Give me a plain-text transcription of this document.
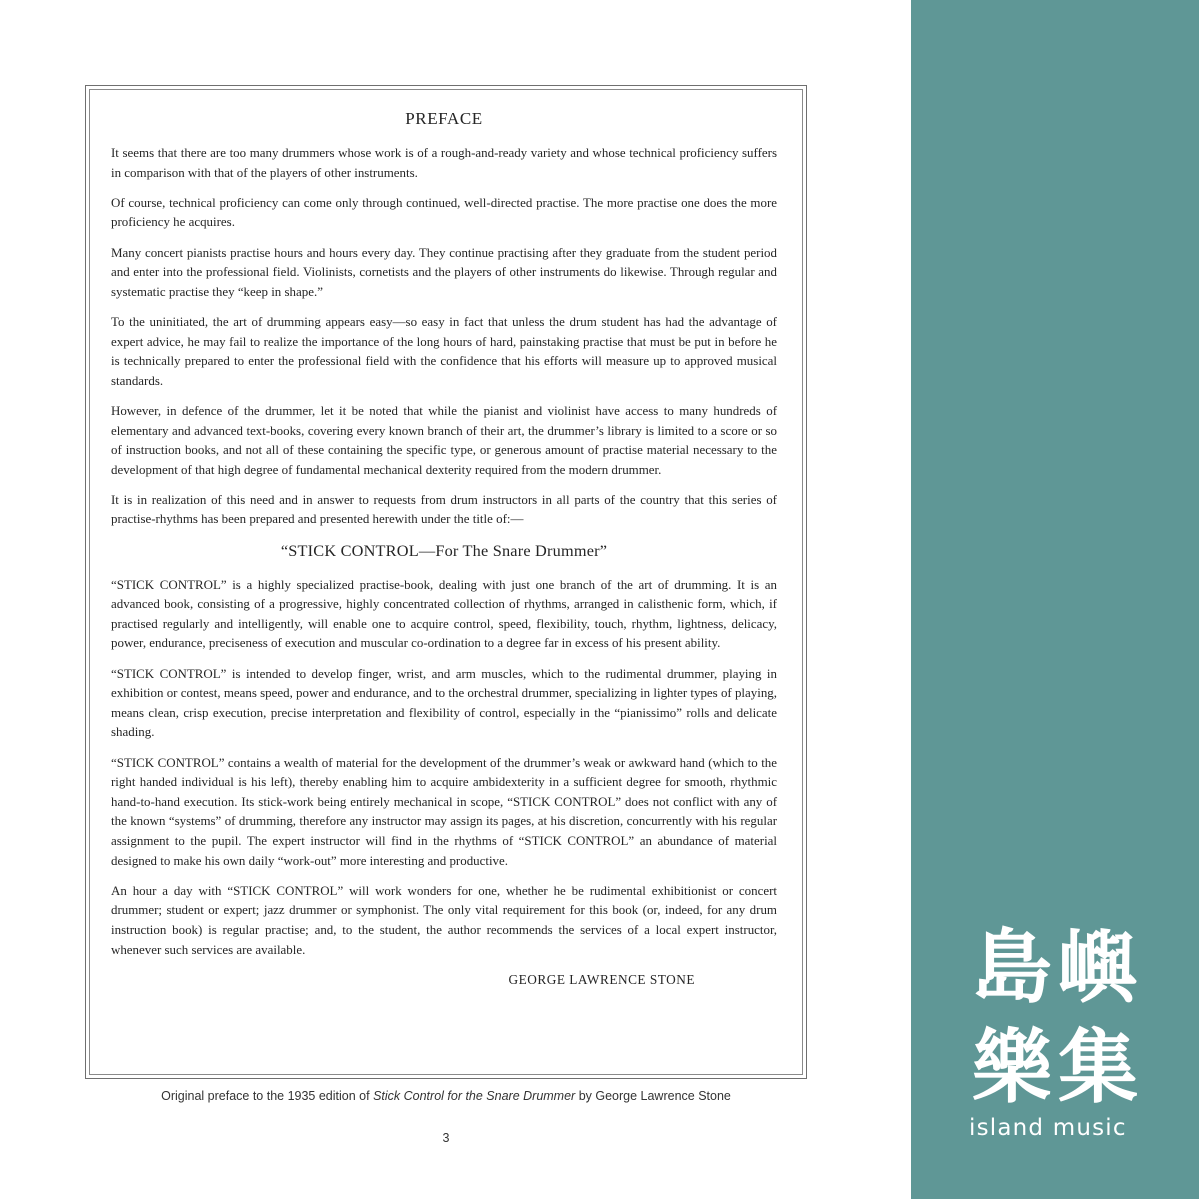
PREFACE

It seems that there are too many drummers whose work is of a rough-and-ready variety and whose technical proficiency suffers in comparison with that of the players of other instruments.

Of course, technical proficiency can come only through continued, well-directed practise. The more practise one does the more proficiency he acquires.

Many concert pianists practise hours and hours every day. They continue practising after they graduate from the student period and enter into the professional field. Violinists, cornetists and the players of other instruments do likewise. Through regular and systematic practise they “keep in shape.”

To the uninitiated, the art of drumming appears easy—so easy in fact that unless the drum student has had the advantage of expert advice, he may fail to realize the importance of the long hours of hard, painstaking practise that must be put in before he is technically prepared to enter the professional field with the confidence that his efforts will measure up to approved musical standards.

However, in defence of the drummer, let it be noted that while the pianist and violinist have access to many hundreds of elementary and advanced text-books, covering every known branch of their art, the drummer’s library is limited to a score or so of instruction books, and not all of these containing the specific type, or generous amount of practise material necessary to the development of that high degree of fundamental mechanical dexterity required from the modern drummer.

It is in realization of this need and in answer to requests from drum instructors in all parts of the country that this series of practise-rhythms has been prepared and presented herewith under the title of:—

“STICK CONTROL—For The Snare Drummer”

“STICK CONTROL” is a highly specialized practise-book, dealing with just one branch of the art of drumming. It is an advanced book, consisting of a progressive, highly concentrated collection of rhythms, arranged in calisthenic form, which, if practised regularly and intelligently, will enable one to acquire control, speed, flexibility, touch, rhythm, lightness, delicacy, power, endurance, preciseness of execution and muscular co-ordination to a degree far in excess of his present ability.

“STICK CONTROL” is intended to develop finger, wrist, and arm muscles, which to the rudimental drummer, playing in exhibition or contest, means speed, power and endurance, and to the orchestral drummer, specializing in lighter types of playing, means clean, crisp execution, precise interpretation and flexibility of control, especially in the “pianissimo” rolls and delicate shading.

“STICK CONTROL” contains a wealth of material for the development of the drummer’s weak or awkward hand (which to the right handed individual is his left), thereby enabling him to acquire ambidexterity in a sufficient degree for smooth, rhythmic hand-to-hand execution. Its stick-work being entirely mechanical in scope, “STICK CONTROL” does not conflict with any of the known “systems” of drumming, therefore any instructor may assign its pages, at his discretion, concurrently with his regular assignment to the pupil. The expert instructor will find in the rhythms of “STICK CONTROL” an abundance of material designed to make his own daily “work-out” more interesting and productive.

An hour a day with “STICK CONTROL” will work wonders for one, whether he be rudimental exhibitionist or concert drummer; student or expert; jazz drummer or symphonist. The only vital requirement for this book (or, indeed, for any drum instruction book) is regular practise; and, to the student, the author recommends the services of a local expert instructor, whenever such services are available.

GEORGE LAWRENCE STONE
Original preface to the 1935 edition of Stick Control for the Snare Drummer by George Lawrence Stone
3
島 嶼
樂 集
island music
